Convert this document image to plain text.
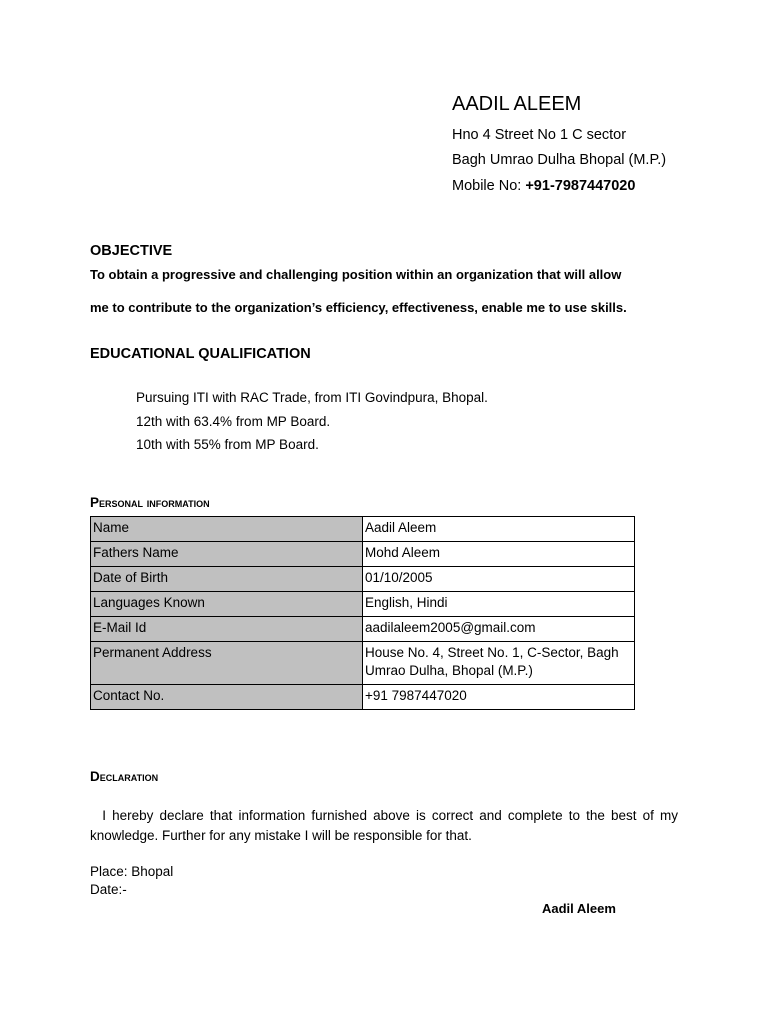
AADIL ALEEM
Hno 4 Street No 1 C sector
Bagh Umrao Dulha Bhopal (M.P.)
Mobile No: +91-7987447020
OBJECTIVE
To obtain a progressive and challenging position within an organization that will allow
me to contribute to the organization’s efficiency, effectiveness, enable me to use skills.
EDUCATIONAL QUALIFICATION
Pursuing ITI with RAC Trade, from ITI Govindpura, Bhopal.
12th with 63.4% from MP Board.
10th with 55% from MP Board.
Personal information
Name	Aadil Aleem
Fathers Name	Mohd Aleem
Date of Birth	01/10/2005
Languages Known	English, Hindi
E-Mail Id	aadilaleem2005@gmail.com
Permanent Address	House No. 4, Street No. 1, C-Sector, Bagh Umrao Dulha, Bhopal (M.P.)
Contact No.	+91 7987447020
Declaration
I hereby declare that information furnished above is correct and complete to the best of my knowledge. Further for any mistake I will be responsible for that.
Place: Bhopal
Date:-
Aadil Aleem
